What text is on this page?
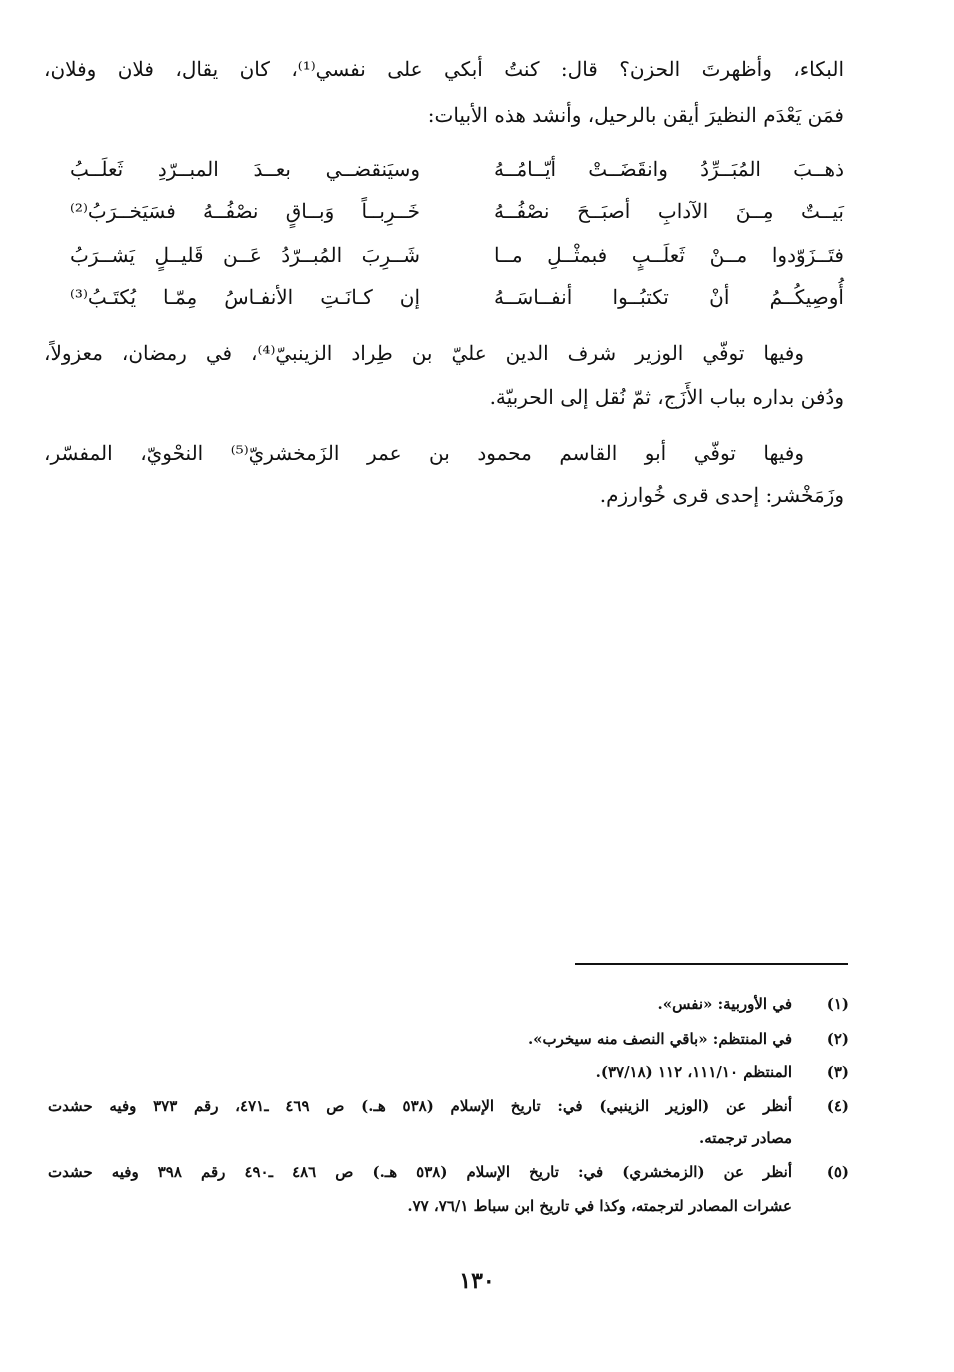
البكاء، وأظهرتَ الحزن؟ قال: كنتُ أبكي على نفسي⁽¹⁾، كان يقال، فلان وفلان،
فمَن يَعْدَم النظيرَ أيقن بالرحيل، وأنشد هذه الأبيات:
ذهــبَ المُبَــرِّدُ وانقَضَــتْ أيّــامُــهُ
وسيَنقضــي بعــدَ المبــرّدِ ثَعلَــبُ
بَيــتٌ مِــنَ الآدابِ أصبَــحَ نصْفُــهُ
خَــرِبــاً وَبــاقٍ نصْفُــهُ فسَيَخــرَبُ⁽²⁾
فتَــزَوّدوا مــنْ ثَعلَــبٍ فبمثْــلِ مــا
شَــرِبَ المُبــرّدُ عَــن قَليــلٍ يَشــرَبُ
أُوصِيكُــمُ أنْ تكتبُــوا أنفــاسَــهُ
إن كـانَـتِ الأنفـاسُ مِمّـا يُكتَـبُ⁽³⁾
وفيها توفّي الوزير شرف الدين عليّ بن طِراد الزينبيّ⁽⁴⁾، في رمضان، معزولاً،
ودُفن بداره بباب الأَزَج، ثمّ نُقل إلى الحربيّة.
وفيها توفّي أبو القاسم محمود بن عمر الزَمخشريّ⁽⁵⁾ النحْويّ، المفسّر،
وزَمَخْشر: إحدى قرى خُوارزم.
(١)
في الأوربية: «نفس».
(٢)
في المنتظم: «باقي النصف منه سيخرب».
(٣)
المنتظم ١١١/١٠، ١١٢ (٣٧/١٨).
(٤)
أنظر عن (الوزير الزينبي) في: تاريخ الإسلام (٥٣٨ هـ.) ص ٤٦٩ ـ٤٧١، رقم ٣٧٣ وفيه حشدت
مصادر ترجمته.
(٥)
أنظر عن (الزمخشري) في: تاريخ الإسلام (٥٣٨ هـ.) ص ٤٨٦ ـ٤٩٠ رقم ٣٩٨ وفيه حشدت
عشرات المصادر لترجمته، وكذا في تاريخ ابن سباط ٧٦/١، ٧٧.
١٣٠
